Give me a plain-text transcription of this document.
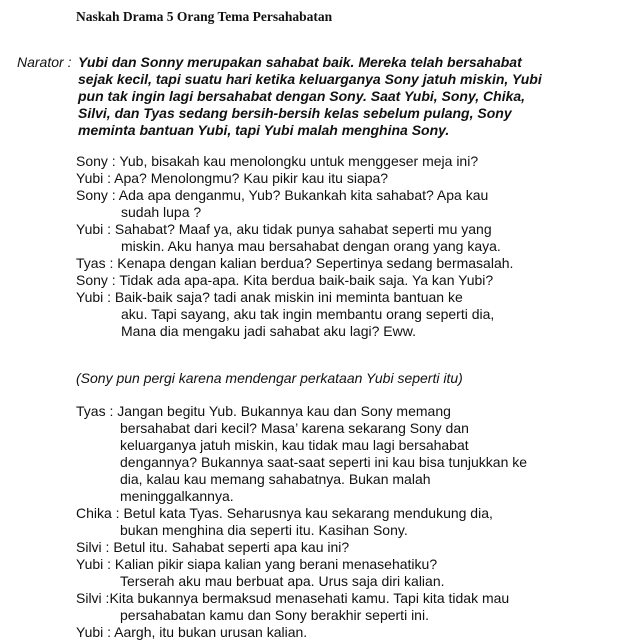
Naskah Drama 5 Orang Tema Persahabatan
Narator : Yubi dan Sonny merupakan sahabat baik. Mereka telah bersahabat
sejak kecil, tapi suatu hari ketika keluarganya Sony jatuh miskin, Yubi
pun tak ingin lagi bersahabat dengan Sony. Saat Yubi, Sony, Chika,
Silvi, dan Tyas sedang bersih-bersih kelas sebelum pulang, Sony
meminta bantuan Yubi, tapi Yubi malah menghina Sony.
Sony : Yub, bisakah kau menolongku untuk menggeser meja ini?
Yubi : Apa? Menolongmu? Kau pikir kau itu siapa?
Sony : Ada apa denganmu, Yub? Bukankah kita sahabat? Apa kau
sudah lupa ?
Yubi : Sahabat? Maaf ya, aku tidak punya sahabat seperti mu yang
miskin. Aku hanya mau bersahabat dengan orang yang kaya.
Tyas : Kenapa dengan kalian berdua? Sepertinya sedang bermasalah.
Sony : Tidak ada apa-apa. Kita berdua baik-baik saja. Ya kan Yubi?
Yubi : Baik-baik saja? tadi anak miskin ini meminta bantuan ke
aku. Tapi sayang, aku tak ingin membantu orang seperti dia,
Mana dia mengaku jadi sahabat aku lagi? Eww.
(Sony pun pergi karena mendengar perkataan Yubi seperti itu)
Tyas : Jangan begitu Yub. Bukannya kau dan Sony memang
bersahabat dari kecil? Masa’ karena sekarang Sony dan
keluarganya jatuh miskin, kau tidak mau lagi bersahabat
dengannya? Bukannya saat-saat seperti ini kau bisa tunjukkan ke
dia, kalau kau memang sahabatnya. Bukan malah
meninggalkannya.
Chika : Betul kata Tyas. Seharusnya kau sekarang mendukung dia,
bukan menghina dia seperti itu. Kasihan Sony.
Silvi : Betul itu. Sahabat seperti apa kau ini?
Yubi : Kalian pikir siapa kalian yang berani menasehatiku?
Terserah aku mau berbuat apa. Urus saja diri kalian.
Silvi :Kita bukannya bermaksud menasehati kamu. Tapi kita tidak mau
persahabatan kamu dan Sony berakhir seperti ini.
Yubi : Aargh, itu bukan urusan kalian.
